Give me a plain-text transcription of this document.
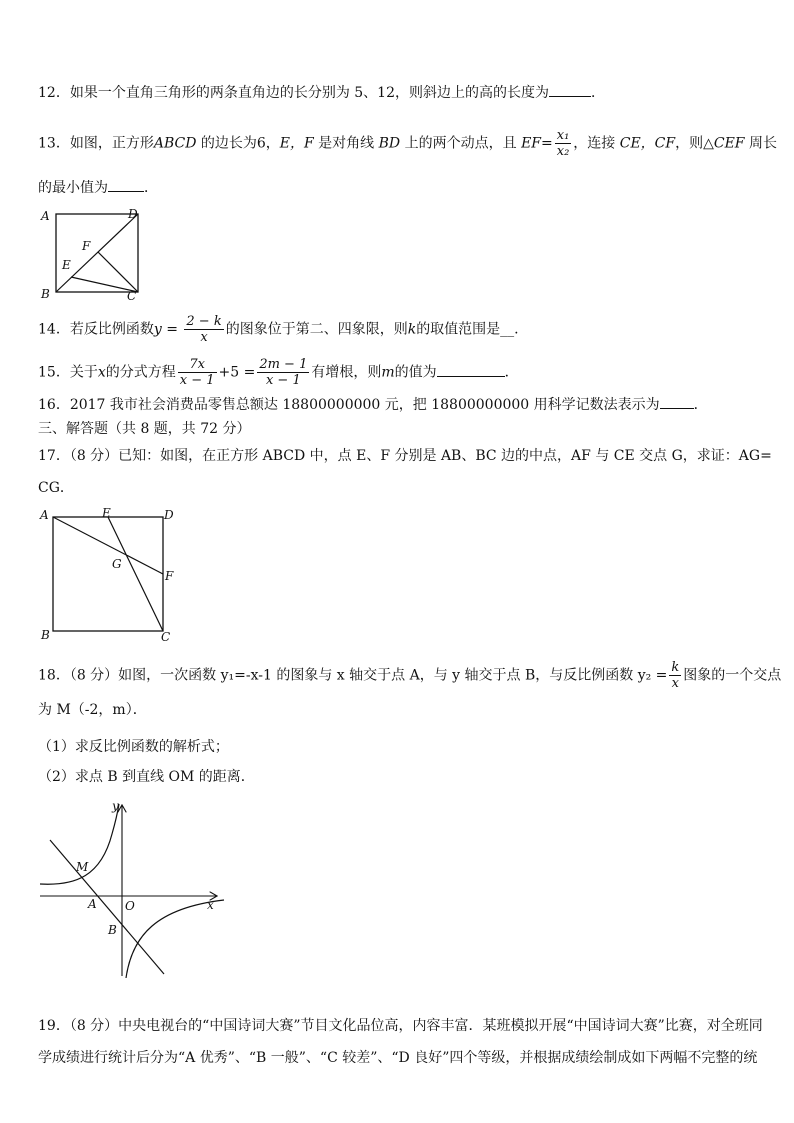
12．如果一个直角三角形的两条直角边的长分别为 5、12，则斜边上的高的长度为	．
13．如图，正方形ABCD 的边长为6，E，F 是对角线 BD 上的两个动点，且 $EF= \frac{\text{x₁}}{\text{x₂}}$ ，连接 CE，CF，则△CEF 周长
的最小值为	．
A	D
B	C
F
E
14．若反比例函数$y = \frac{2 - k}{x}$ 的图象位于第二、四象限，则k的取值范围是__.
15．关于x的分式方程 $\frac{7x}{x - 1} +5 = \frac{2m - 1}{x - 1}$ 有增根，则m的值为	．
16．2017 我市社会消费品零售总额达 18800000000 元，把 18800000000 用科学记数法表示为 ．
三、解答题（共 8 题，共 72 分）
17．（8 分）已知：如图，在正方形 ABCD 中，点 E、F 分别是 AB、BC 边的中点，AF 与 CE 交点 G，求证：AG=
CG．
A	E	D
G
F
B	C
18．（8 分）如图，一次函数 y₁=-x-1 的图象与 x 轴交于点 A，与 y 轴交于点 B，与反比例函数 $y_2 = \frac{k}{x}$ 图象的一个交点
为 M（-2，m）．
（1）求反比例函数的解析式；
（2）求点 B 到直线 OM 的距离．
y
x
O
M
A
B
19．（8 分）中央电视台的“中国诗词大赛”节目文化品位高，内容丰富．某班模拟开展“中国诗词大赛”比赛，对全班同
学成绩进行统计后分为“A 优秀”、“B 一般”、“C 较差”、“D 良好”四个等级，并根据成绩绘制成如下两幅不完整的统
